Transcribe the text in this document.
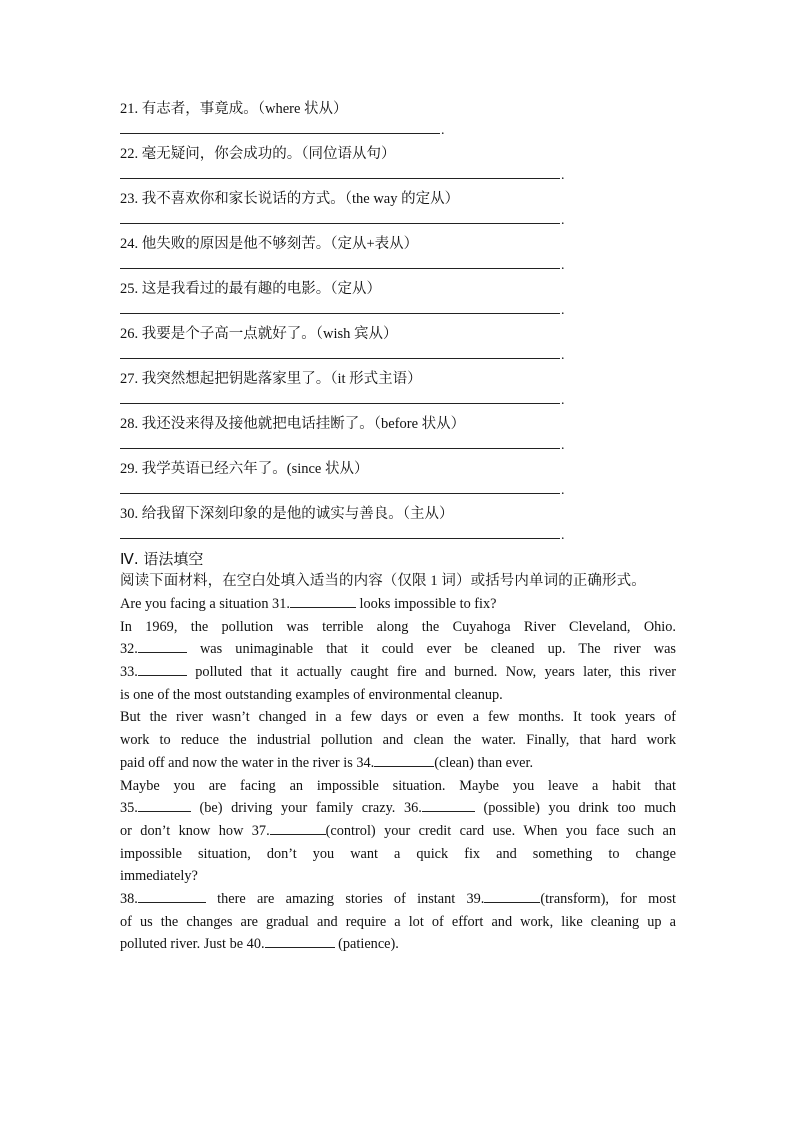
21. 有志者，事竟成。（where 状从）
.
22. 毫无疑问，你会成功的。（同位语从句）
.
23. 我不喜欢你和家长说话的方式。（the way 的定从）
.
24. 他失败的原因是他不够刻苦。（定从+表从）
.
25. 这是我看过的最有趣的电影。（定从）
.
26. 我要是个子高一点就好了。（wish 宾从）
.
27. 我突然想起把钥匙落家里了。（it 形式主语）
.
28. 我还没来得及接他就把电话挂断了。（before 状从）
.
29. 我学英语已经六年了。(since 状从）
.
30. 给我留下深刻印象的是他的诚实与善良。（主从）
.
Ⅳ. 语法填空
阅读下面材料，在空白处填入适当的内容（仅限 1 词）或括号内单词的正确形式。
Are you facing a situation 31.	looks impossible to fix?
In 1969, the pollution was terrible along the Cuyahoga River Cleveland, Ohio.
32.	was unimaginable that it could ever be cleaned up. The river was
33.	polluted that it actually caught fire and burned. Now, years later, this river
is one of the most outstanding examples of environmental cleanup.
But the river wasn’t changed in a few days or even a few months. It took years of
work to reduce the industrial pollution and clean the water. Finally, that hard work
paid off and now the water in the river is 34.	(clean) than ever.
Maybe you are facing an impossible situation. Maybe you leave a habit that
35.	(be) driving your family crazy. 36.	(possible) you drink too much
or don’t know how 37.	(control) your credit card use. When you face such an
impossible situation, don’t you want a quick fix and something to change
immediately?
38.	there are amazing stories of instant 39.	(transform), for most
of us the changes are gradual and require a lot of effort and work, like cleaning up a
polluted river. Just be 40.	(patience).
